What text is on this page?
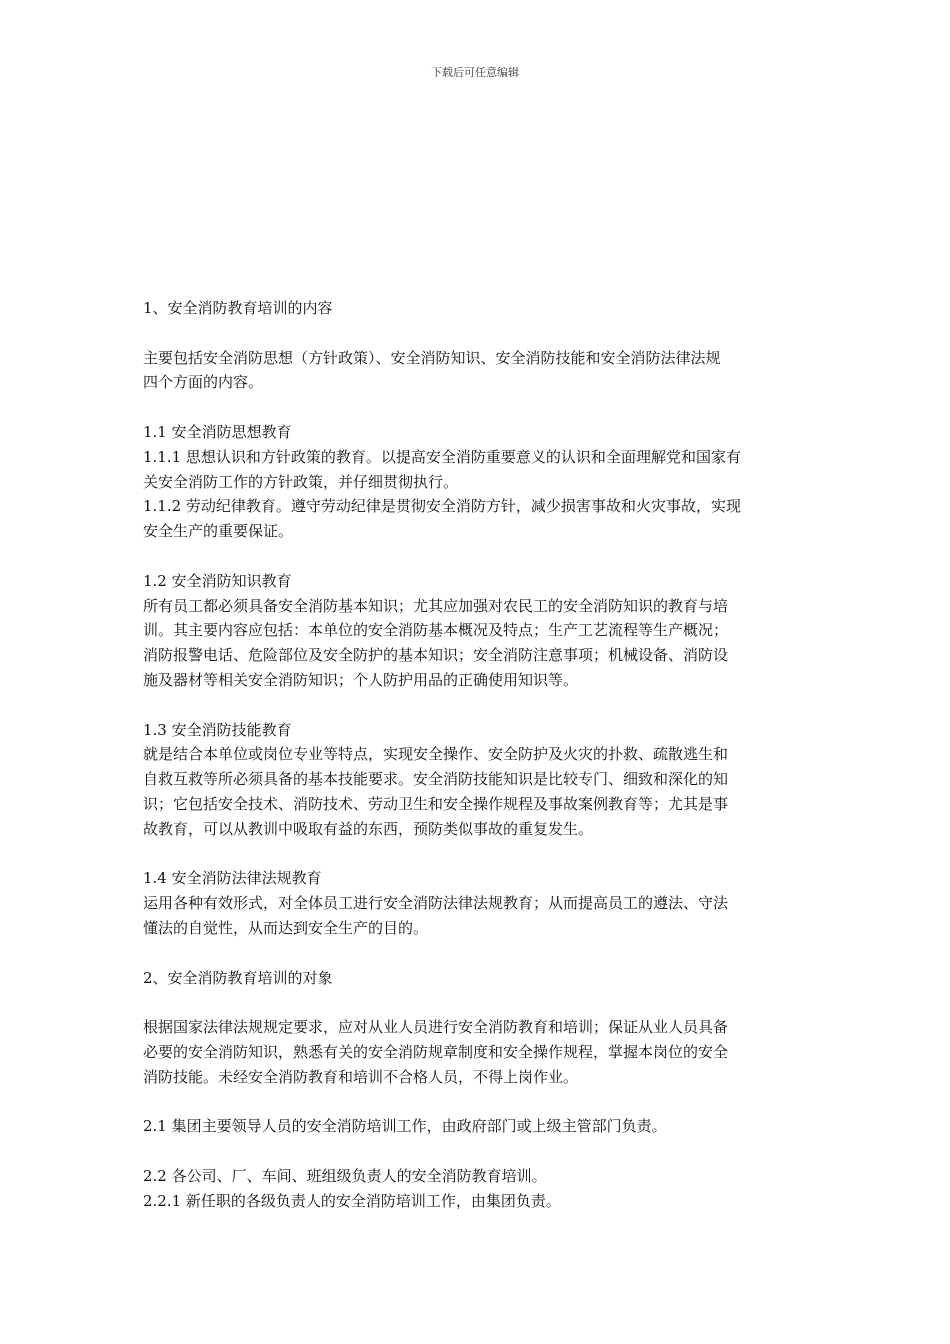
下载后可任意编辑

1、安全消防教育培训的内容

主要包括安全消防思想（方针政策）、安全消防知识、安全消防技能和安全消防法律法规

四个方面的内容。

1.1 安全消防思想教育

1.1.1 思想认识和方针政策的教育。以提高安全消防重要意义的认识和全面理解党和国家有

关安全消防工作的方针政策，并仔细贯彻执行。

1.1.2 劳动纪律教育。遵守劳动纪律是贯彻安全消防方针，减少损害事故和火灾事故，实现

安全生产的重要保证。

1.2 安全消防知识教育

所有员工都必须具备安全消防基本知识；尤其应加强对农民工的安全消防知识的教育与培

训。其主要内容应包括：本单位的安全消防基本概况及特点；生产工艺流程等生产概况；

消防报警电话、危险部位及安全防护的基本知识；安全消防注意事项；机械设备、消防设

施及器材等相关安全消防知识；个人防护用品的正确使用知识等。

1.3 安全消防技能教育

就是结合本单位或岗位专业等特点，实现安全操作、安全防护及火灾的扑救、疏散逃生和

自救互救等所必须具备的基本技能要求。安全消防技能知识是比较专门、细致和深化的知

识；它包括安全技术、消防技术、劳动卫生和安全操作规程及事故案例教育等；尤其是事

故教育，可以从教训中吸取有益的东西，预防类似事故的重复发生。

1.4 安全消防法律法规教育

运用各种有效形式，对全体员工进行安全消防法律法规教育；从而提高员工的遵法、守法

懂法的自觉性，从而达到安全生产的目的。

2、安全消防教育培训的对象

根据国家法律法规规定要求，应对从业人员进行安全消防教育和培训；保证从业人员具备

必要的安全消防知识，熟悉有关的安全消防规章制度和安全操作规程，掌握本岗位的安全

消防技能。未经安全消防教育和培训不合格人员，不得上岗作业。

2.1 集团主要领导人员的安全消防培训工作，由政府部门或上级主管部门负责。

2.2 各公司、厂、车间、班组级负责人的安全消防教育培训。

2.2.1 新任职的各级负责人的安全消防培训工作，由集团负责。
